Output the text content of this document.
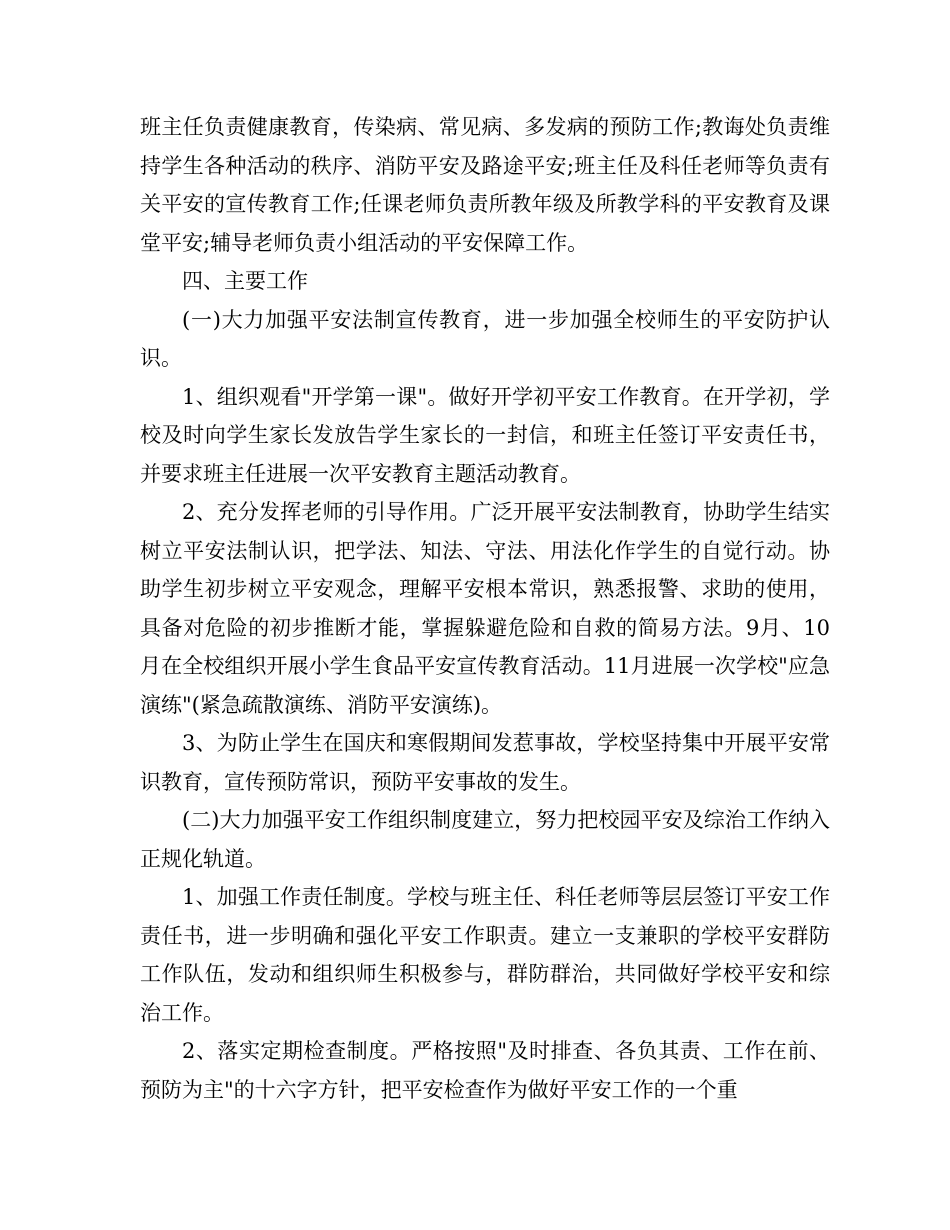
班主任负责健康教育，传染病、常见病、多发病的预防工作;教诲处负责维持学生各种活动的秩序、消防平安及路途平安;班主任及科任老师等负责有关平安的宣传教育工作;任课老师负责所教年级及所教学科的平安教育及课堂平安;辅导老师负责小组活动的平安保障工作。

四、主要工作

(一)大力加强平安法制宣传教育，进一步加强全校师生的平安防护认识。

1、组织观看"开学第一课"。做好开学初平安工作教育。在开学初，学校及时向学生家长发放告学生家长的一封信，和班主任签订平安责任书，并要求班主任进展一次平安教育主题活动教育。

2、充分发挥老师的引导作用。广泛开展平安法制教育，协助学生结实树立平安法制认识，把学法、知法、守法、用法化作学生的自觉行动。协助学生初步树立平安观念，理解平安根本常识，熟悉报警、求助的使用，具备对危险的初步推断才能，掌握躲避危险和自救的简易方法。9月、10月在全校组织开展小学生食品平安宣传教育活动。11月进展一次学校"应急演练"(紧急疏散演练、消防平安演练)。

3、为防止学生在国庆和寒假期间发惹事故，学校坚持集中开展平安常识教育，宣传预防常识，预防平安事故的发生。

(二)大力加强平安工作组织制度建立，努力把校园平安及综治工作纳入正规化轨道。

1、加强工作责任制度。学校与班主任、科任老师等层层签订平安工作责任书，进一步明确和强化平安工作职责。建立一支兼职的学校平安群防工作队伍，发动和组织师生积极参与，群防群治，共同做好学校平安和综治工作。

2、落实定期检查制度。严格按照"及时排查、各负其责、工作在前、预防为主"的十六字方针，把平安检查作为做好平安工作的一个重
